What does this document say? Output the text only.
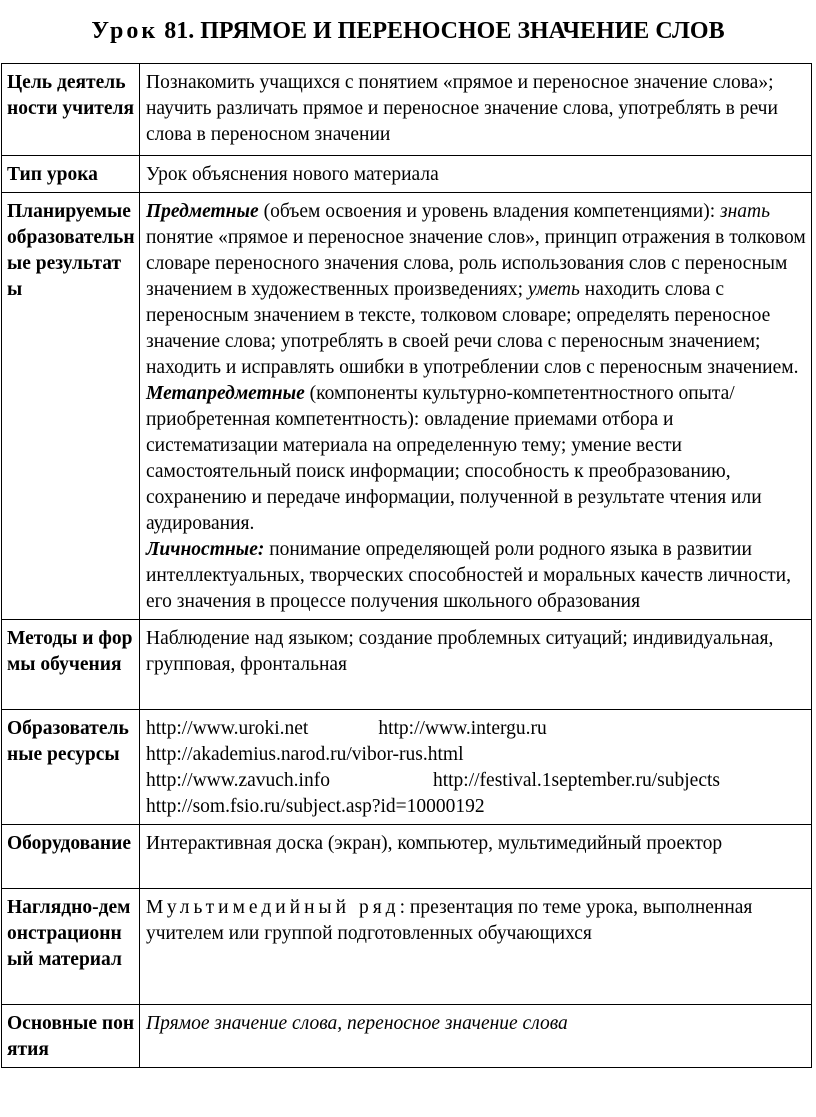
Урок 81. ПРЯМОЕ И ПЕРЕНОСНОЕ ЗНАЧЕНИЕ СЛОВ
Цель деятельности учителя	Познакомить учащихся с понятием «прямое и переносное значение слова»; научить различать прямое и переносное значение слова, употреблять в речи слова в переносном значении
Тип урока	Урок объяснения нового материала
Планируемые образовательные результаты	Предметные (объем освоения и уровень владения компетенциями): знать понятие «прямое и переносное значение слов», принцип отражения в толковом словаре переносного значения слова, роль использования слов с переносным значением в художественных произведениях; уметь находить слова с переносным значением в тексте, толковом словаре; определять переносное значение слова; употреблять в своей речи слова с переносным значением; находить и исправлять ошибки в употреблении слов с переносным значением.
Метапредметные (компоненты культурно-компетентностного опыта/приобретенная компетентность): овладение приемами отбора и систематизации материала на определенную тему; умение вести самостоятельный поиск информации; способность к преобразованию, сохранению и передаче информации, полученной в результате чтения или аудирования.
Личностные: понимание определяющей роли родного языка в развитии интеллектуальных, творческих способностей и моральных качеств личности, его значения в процессе получения школьного образования
Методы и формы обучения	Наблюдение над языком; создание проблемных ситуаций; индивидуальная, групповая, фронтальная
Образовательные ресурсы	http://www.uroki.net http://www.intergu.ru
http://akademius.narod.ru/vibor-rus.html
http://www.zavuch.info http://festival.1september.ru/subjects
http://som.fsio.ru/subject.asp?id=10000192

Оборудование	Интерактивная доска (экран), компьютер, мультимедийный проектор
Наглядно-демонстрационный материал	Мультимедийный ряд: презентация по теме урока, выполненная учителем или группой подготовленных обучающихся
Основные понятия	Прямое значение слова, переносное значение слова
